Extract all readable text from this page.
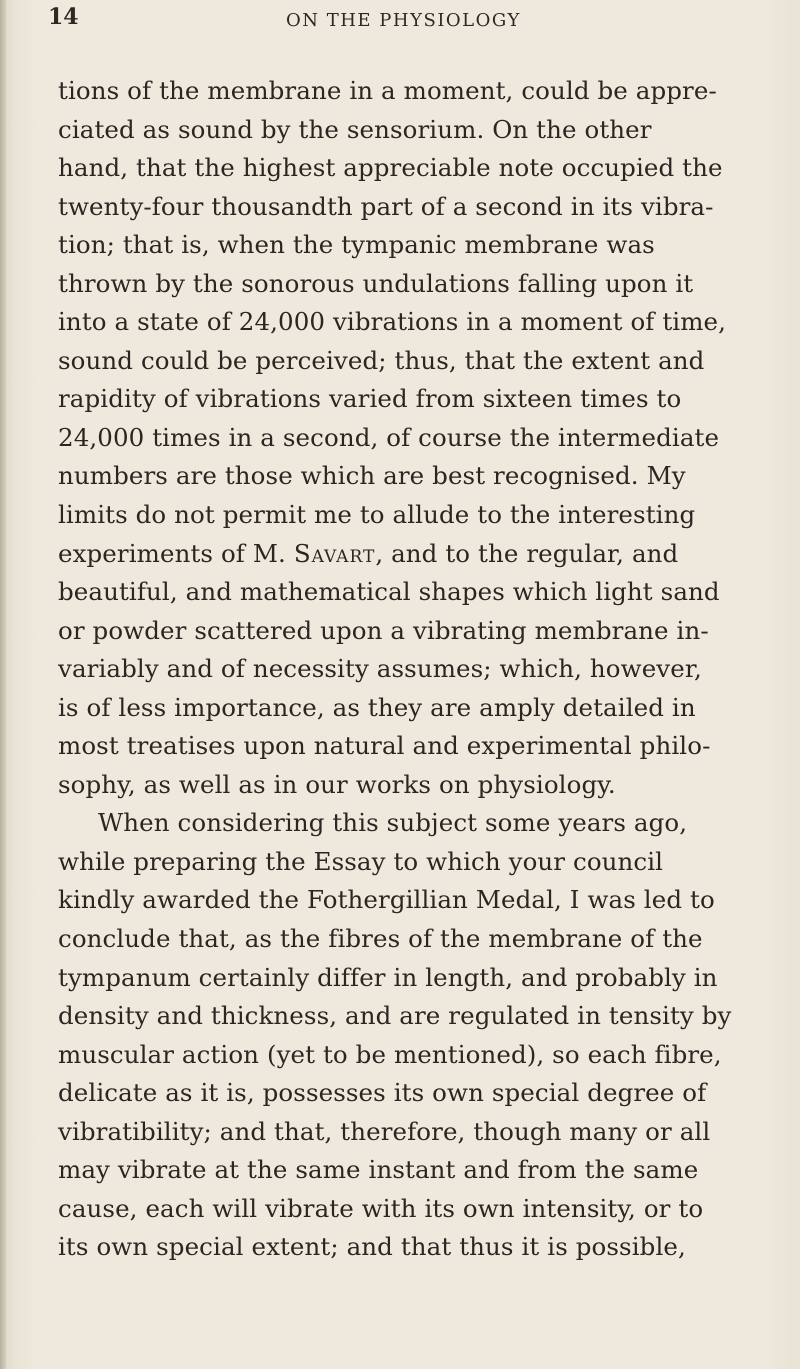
14	ON THE PHYSIOLOGY
tions of the membrane in a moment, could be appre-
ciated as sound by the sensorium. On the other
hand, that the highest appreciable note occupied the
twenty-four thousandth part of a second in its vibra-
tion; that is, when the tympanic membrane was
thrown by the sonorous undulations falling upon it
into a state of 24,000 vibrations in a moment of time,
sound could be perceived; thus, that the extent and
rapidity of vibrations varied from sixteen times to
24,000 times in a second, of course the intermediate
numbers are those which are best recognised. My
limits do not permit me to allude to the interesting
experiments of M. Savart, and to the regular, and
beautiful, and mathematical shapes which light sand
or powder scattered upon a vibrating membrane in-
variably and of necessity assumes; which, however,
is of less importance, as they are amply detailed in
most treatises upon natural and experimental philo-
sophy, as well as in our works on physiology.
When considering this subject some years ago,
while preparing the Essay to which your council
kindly awarded the Fothergillian Medal, I was led to
conclude that, as the fibres of the membrane of the
tympanum certainly differ in length, and probably in
density and thickness, and are regulated in tensity by
muscular action (yet to be mentioned), so each fibre,
delicate as it is, possesses its own special degree of
vibratibility; and that, therefore, though many or all
may vibrate at the same instant and from the same
cause, each will vibrate with its own intensity, or to
its own special extent; and that thus it is possible,
